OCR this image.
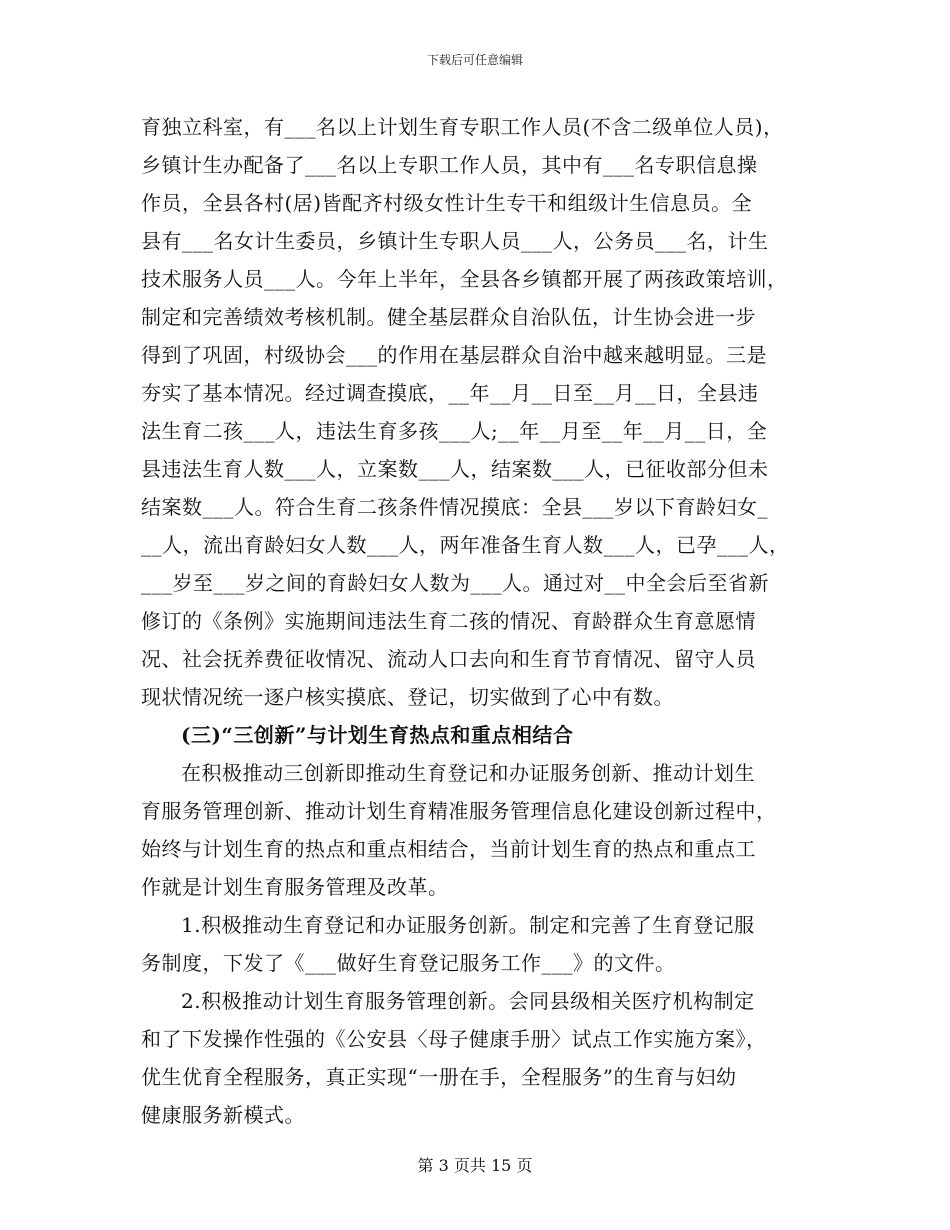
下载后可任意编辑
育独立科室，有___名以上计划生育专职工作人员(不含二级单位人员)，
乡镇计生办配备了___名以上专职工作人员，其中有___名专职信息操
作员，全县各村(居)皆配齐村级女性计生专干和组级计生信息员。全
县有___名女计生委员，乡镇计生专职人员___人，公务员___名，计生
技术服务人员___人。今年上半年，全县各乡镇都开展了两孩政策培训，
制定和完善绩效考核机制。健全基层群众自治队伍，计生协会进一步
得到了巩固，村级协会___的作用在基层群众自治中越来越明显。三是
夯实了基本情况。经过调查摸底，__年__月__日至__月__日，全县违
法生育二孩___人，违法生育多孩___人;__年__月至__年__月__日，全
县违法生育人数___人，立案数___人，结案数___人，已征收部分但未
结案数___人。符合生育二孩条件情况摸底：全县___岁以下育龄妇女_
__人，流出育龄妇女人数___人，两年准备生育人数___人，已孕___人，
___岁至___岁之间的育龄妇女人数为___人。通过对__中全会后至省新
修订的《条例》实施期间违法生育二孩的情况、育龄群众生育意愿情
况、社会抚养费征收情况、流动人口去向和生育节育情况、留守人员
现状情况统一逐户核实摸底、登记，切实做到了心中有数。
(三)“三创新”与计划生育热点和重点相结合
在积极推动三创新即推动生育登记和办证服务创新、推动计划生
育服务管理创新、推动计划生育精准服务管理信息化建设创新过程中，
始终与计划生育的热点和重点相结合，当前计划生育的热点和重点工
作就是计划生育服务管理及改革。
1.积极推动生育登记和办证服务创新。制定和完善了生育登记服
务制度，下发了《___做好生育登记服务工作___》的文件。
2.积极推动计划生育服务管理创新。会同县级相关医疗机构制定
和了下发操作性强的《公安县〈母子健康手册〉试点工作实施方案》，
优生优育全程服务，真正实现“一册在手，全程服务”的生育与妇幼
健康服务新模式。
第 3 页共 15 页
